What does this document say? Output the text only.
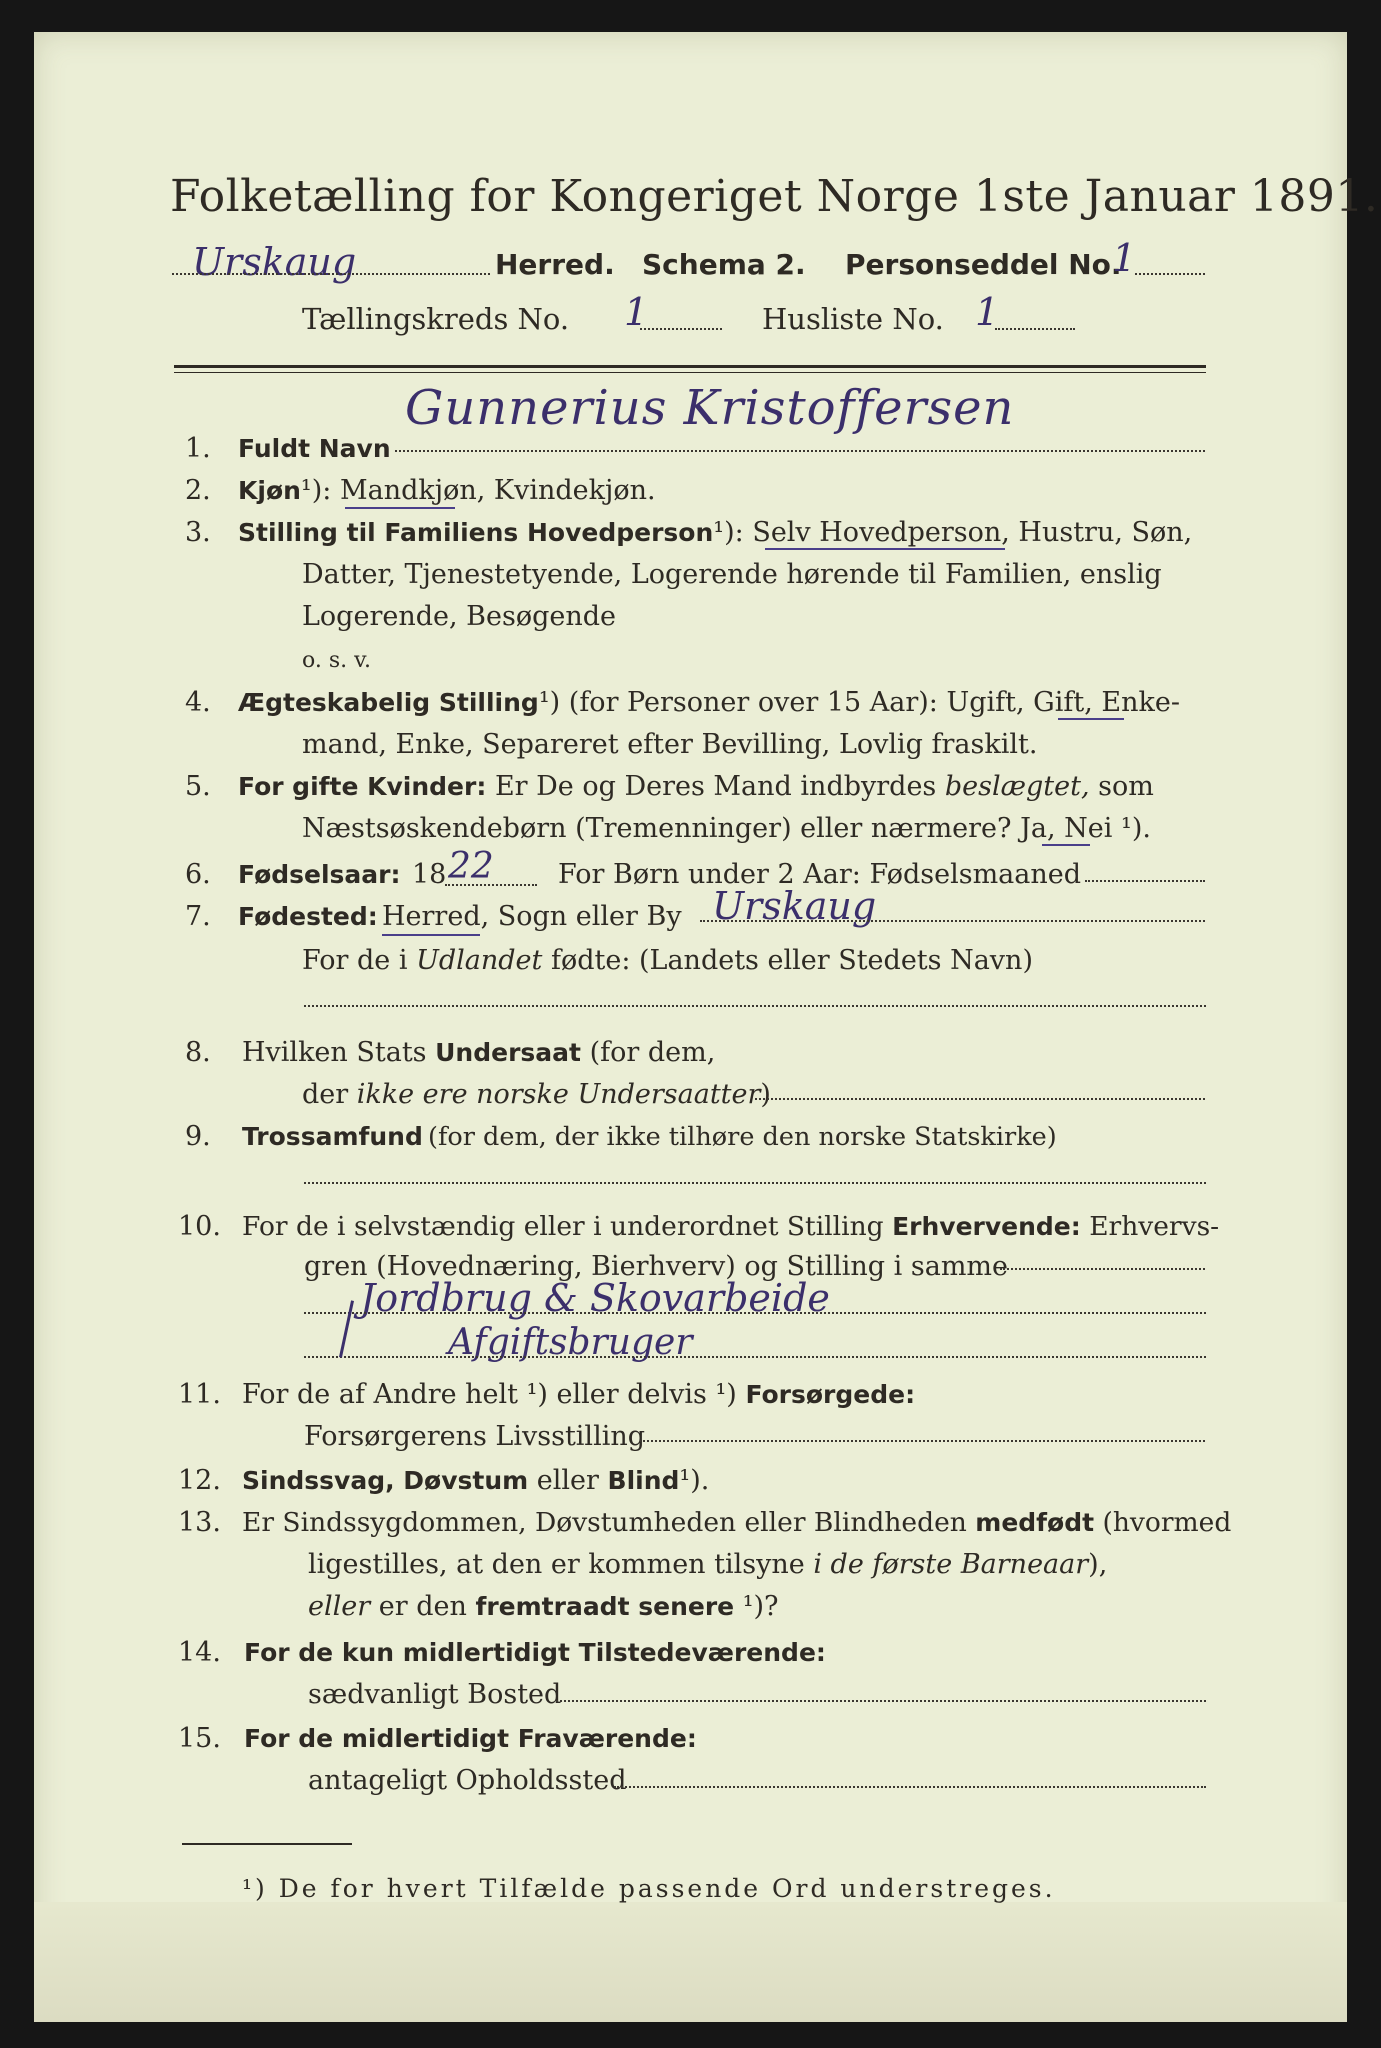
Folketælling for Kongeriget Norge 1ste Januar 1891.
Urskaug	Herred. Schema 2. Personseddel No.
1
Tællingskreds No. 1	Husliste No. 1
Gunnerius Kristoffersen
1. Fuldt Navn
2. Kjøn¹): Mandkjøn, Kvindekjøn.
3. Stilling til Familiens Hovedperson¹): Selv Hovedperson, Hustru, Søn,
Datter, Tjenestetyende, Logerende hørende til Familien, enslig
Logerende, Besøgende
o. s. v.
4. Ægteskabelig Stilling¹) (for Personer over 15 Aar): Ugift, Gift, Enke-
mand, Enke, Separeret efter Bevilling, Lovlig fraskilt.
5. For gifte Kvinder: Er De og Deres Mand indbyrdes beslægtet, som
Næstsøskendebørn (Tremenninger) eller nærmere? Ja, Nei ¹).
6. Fødselsaar: 18 22 For Børn under 2 Aar: Fødselsmaaned
7. Fødested: Herred, Sogn eller By Urskaug
For de i Udlandet fødte: (Landets eller Stedets Navn)
8. Hvilken Stats Undersaat (for dem,
der ikke ere norske Undersaatter)
9. Trossamfund (for dem, der ikke tilhøre den norske Statskirke)
10. For de i selvstændig eller i underordnet Stilling Erhvervende: Erhvervs-
gren (Hovednæring, Bierhverv) og Stilling i samme
Jordbrug & Skovarbeide
Afgiftsbruger
11. For de af Andre helt ¹) eller delvis ¹) Forsørgede:
Forsørgerens Livsstilling
12. Sindssvag, Døvstum eller Blind¹).
13. Er Sindssygdommen, Døvstumheden eller Blindheden medfødt (hvormed
ligestilles, at den er kommen tilsyne i de første Barneaar),
eller er den fremtraadt senere ¹)?
14. For de kun midlertidigt Tilstedeværende:
sædvanligt Bosted
15. For de midlertidigt Fraværende:
antageligt Opholdssted
¹) De for hvert Tilfælde passende Ord understreges.
